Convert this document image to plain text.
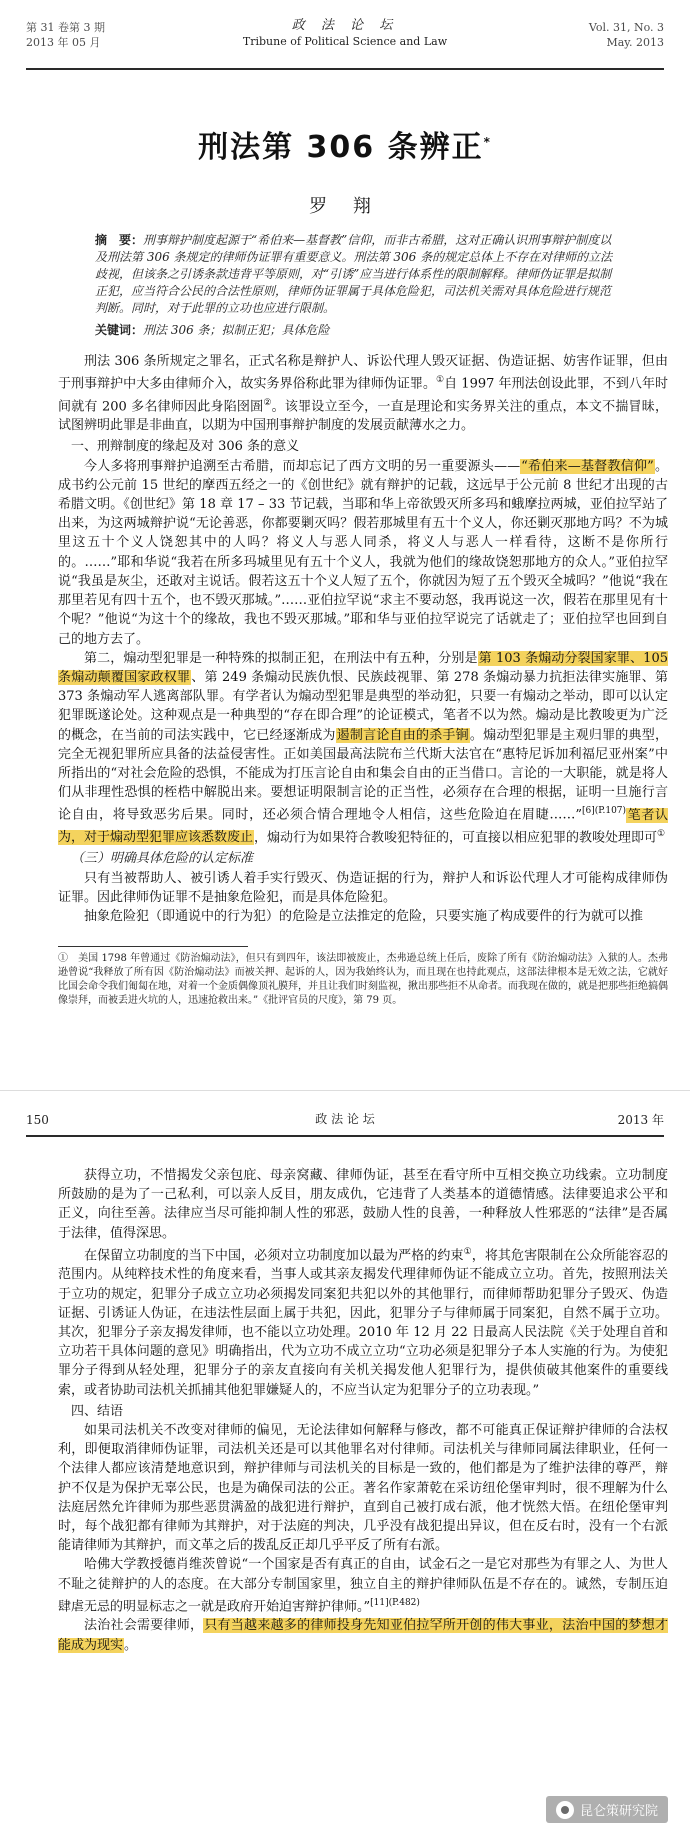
第 31 卷第 3 期
2013 年 05 月
政 法 论 坛
Tribune of Political Science and Law
Vol. 31, No. 3
May. 2013
刑法第 306 条辨正*
罗 翔
摘　要：刑事辩护制度起源于“希伯来—基督教”信仰，而非古希腊，这对正确认识刑事辩护制度以及刑法第 306 条规定的律师伪证罪有重要意义。刑法第 306 条的规定总体上不存在对律师的立法歧视，但该条之引诱条款违背平等原则，对“引诱”应当进行体系性的限制解释。律师伪证罪是拟制正犯，应当符合公民的合法性原则，律师伪证罪属于具体危险犯，司法机关需对具体危险进行规范判断。同时，对于此罪的立功也应进行限制。
关键词：刑法 306 条；拟制正犯；具体危险

刑法 306 条所规定之罪名，正式名称是辩护人、诉讼代理人毁灭证据、伪造证据、妨害作证罪，但由于刑事辩护中大多由律师介入，故实务界俗称此罪为律师伪证罪。①自 1997 年刑法创设此罪，不到八年时间就有 200 多名律师因此身陷囹圄②。该罪设立至今，一直是理论和实务界关注的重点，本文不揣冒昧，试图辨明此罪是非曲直，以期为中国刑事辩护制度的发展贡献薄水之力。

一、刑辩制度的缘起及对 306 条的意义

今人多将刑事辩护追溯至古希腊，而却忘记了西方文明的另一重要源头——“希伯来—基督教信仰”。成书约公元前 15 世纪的摩西五经之一的《创世纪》就有辩护的记载，这远早于公元前 8 世纪才出现的古希腊文明。《创世纪》第 18 章 17 – 33 节记载，当耶和华上帝欲毁灭所多玛和蛾摩拉两城，亚伯拉罕站了出来，为这两城辩护说“无论善恶，你都要剿灭吗？假若那城里有五十个义人，你还剿灭那地方吗？不为城里这五十个义人饶恕其中的人吗？将义人与恶人同杀，将义人与恶人一样看待，这断不是你所行的。……”耶和华说“我若在所多玛城里见有五十个义人，我就为他们的缘故饶恕那地方的众人。”亚伯拉罕说“我虽是灰尘，还敢对主说话。假若这五十个义人短了五个，你就因为短了五个毁灭全城吗？”他说“我在那里若见有四十五个，也不毁灭那城。”……亚伯拉罕说“求主不要动怒，我再说这一次，假若在那里见有十个呢？”他说“为这十个的缘故，我也不毁灭那城。”耶和华与亚伯拉罕说完了话就走了；亚伯拉罕也回到自己的地方去了。

第二，煽动型犯罪是一种特殊的拟制正犯，在刑法中有五种，分别是第 103 条煽动分裂国家罪、105 条煽动颠覆国家政权罪、第 249 条煽动民族仇恨、民族歧视罪、第 278 条煽动暴力抗拒法律实施罪、第 373 条煽动军人逃离部队罪。有学者认为煽动型犯罪是典型的举动犯，只要一有煽动之举动，即可以认定犯罪既遂论处。这种观点是一种典型的“存在即合理”的论证模式，笔者不以为然。煽动是比教唆更为广泛的概念，在当前的司法实践中，它已经逐渐成为遏制言论自由的杀手锏。煽动型犯罪是主观归罪的典型，完全无视犯罪所应具备的法益侵害性。正如美国最高法院布兰代斯大法官在“惠特尼诉加利福尼亚州案”中所指出的“对社会危险的恐惧，不能成为打压言论自由和集会自由的正当借口。言论的一大职能，就是将人们从非理性恐惧的桎梏中解脱出来。要想证明限制言论的正当性，必须存在合理的根据，证明一旦施行言论自由，将导致恶劣后果。同时，还必须合情合理地令人相信，这些危险迫在眉睫……”$^{[6](P.107)}$笔者认为，对于煽动型犯罪应该悉数废止，煽动行为如果符合教唆犯特征的，可直接以相应犯罪的教唆处理即可①

（三）明确具体危险的认定标准

只有当被帮助人、被引诱人着手实行毁灭、伪造证据的行为，辩护人和诉讼代理人才可能构成律师伪证罪。因此律师伪证罪不是抽象危险犯，而是具体危险犯。

抽象危险犯（即通说中的行为犯）的危险是立法推定的危险，只要实施了构成要件的行为就可以推

①　美国 1798 年曾通过《防治煽动法》，但只有到四年，该法即被废止，杰弗逊总统上任后，废除了所有《防治煽动法》入狱的人。杰弗逊曾说“我释放了所有因《防治煽动法》而被关押、起诉的人，因为我始终认为，而且现在也持此观点，这部法律根本是无效之法，它就好比国会命令我们匍匐在地，对着一个金质偶像顶礼膜拜，并且让我们时刻监视，揪出那些拒不从命者。而我现在做的，就是把那些拒绝搞偶像崇拜，而被丢进火坑的人，迅速抢救出来。”《批评官员的尺度》，第 79 页。
150	政 法 论 坛	2013 年

获得立功，不惜揭发父亲包庇、母亲窝藏、律师伪证，甚至在看守所中互相交换立功线索。立功制度所鼓励的是为了一己私利，可以亲人反目，朋友成仇，它违背了人类基本的道德情感。法律要追求公平和正义，向往至善。法律应当尽可能抑制人性的邪恶，鼓励人性的良善，一种释放人性邪恶的“法律”是否属于法律，值得深思。

在保留立功制度的当下中国，必须对立功制度加以最为严格的约束①，将其危害限制在公众所能容忍的范围内。从纯粹技术性的角度来看，当事人或其亲友揭发代理律师伪证不能成立立功。首先，按照刑法关于立功的规定，犯罪分子成立立功必须揭发同案犯共犯以外的其他罪行，而律师帮助犯罪分子毁灭、伪造证据、引诱证人伪证，在违法性层面上属于共犯，因此，犯罪分子与律师属于同案犯，自然不属于立功。其次，犯罪分子亲友揭发律师，也不能以立功处理。2010 年 12 月 22 日最高人民法院《关于处理自首和立功若干具体问题的意见》明确指出，代为立功不成立立功“立功必须是犯罪分子本人实施的行为。为使犯罪分子得到从轻处理，犯罪分子的亲友直接向有关机关揭发他人犯罪行为，提供侦破其他案件的重要线索，或者协助司法机关抓捕其他犯罪嫌疑人的，不应当认定为犯罪分子的立功表现。”

四、结语

如果司法机关不改变对律师的偏见，无论法律如何解释与修改，都不可能真正保证辩护律师的合法权利，即便取消律师伪证罪，司法机关还是可以其他罪名对付律师。司法机关与律师同属法律职业，任何一个法律人都应该清楚地意识到，辩护律师与司法机关的目标是一致的，他们都是为了维护法律的尊严，辩护不仅是为保护无辜公民，也是为确保司法的公正。著名作家萧乾在采访纽伦堡审判时，很不理解为什么法庭居然允许律师为那些恶贯满盈的战犯进行辩护，直到自己被打成右派，他才恍然大悟。在纽伦堡审判时，每个战犯都有律师为其辩护，对于法庭的判决，几乎没有战犯提出异议，但在反右时，没有一个右派能请律师为其辩护，而文革之后的拨乱反正却几乎平反了所有右派。

哈佛大学教授德肖维茨曾说“一个国家是否有真正的自由，试金石之一是它对那些为有罪之人、为世人不耻之徒辩护的人的态度。在大部分专制国家里，独立自主的辩护律师队伍是不存在的。诚然，专制压迫肆虐无忌的明显标志之一就是政府开始迫害辩护律师。”$^{[11](P.482)}$

法治社会需要律师，只有当越来越多的律师投身先知亚伯拉罕所开创的伟大事业，法治中国的梦想才能成为现实。

昆仑策研究院
